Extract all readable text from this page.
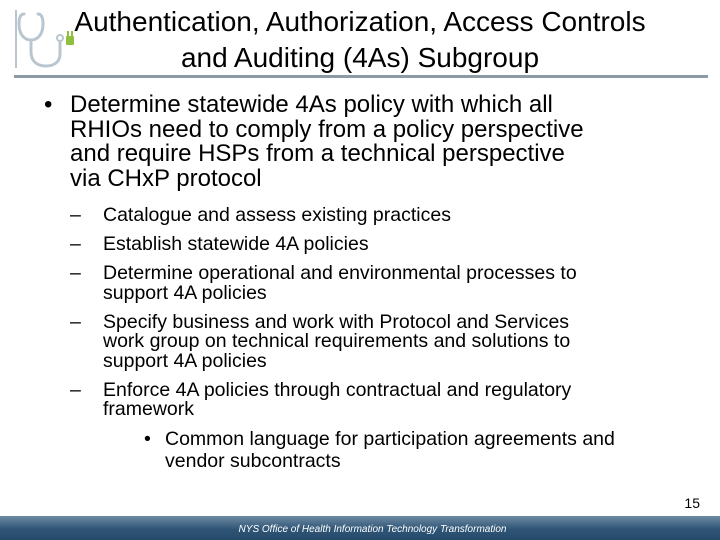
Authentication, Authorization, Access Controls
and Auditing (4As) Subgroup
• Determine statewide 4As policy with which all
RHIOs need to comply from a policy perspective
and require HSPs from a technical perspective
via CHxP protocol
– Catalogue and assess existing practices
– Establish statewide 4A policies
– Determine operational and environmental processes to
support 4A policies
– Specify business and work with Protocol and Services
work group on technical requirements and solutions to
support 4A policies
– Enforce 4A policies through contractual and regulatory
framework
• Common language for participation agreements and
vendor subcontracts
15
NYS Office of Health Information Technology Transformation
